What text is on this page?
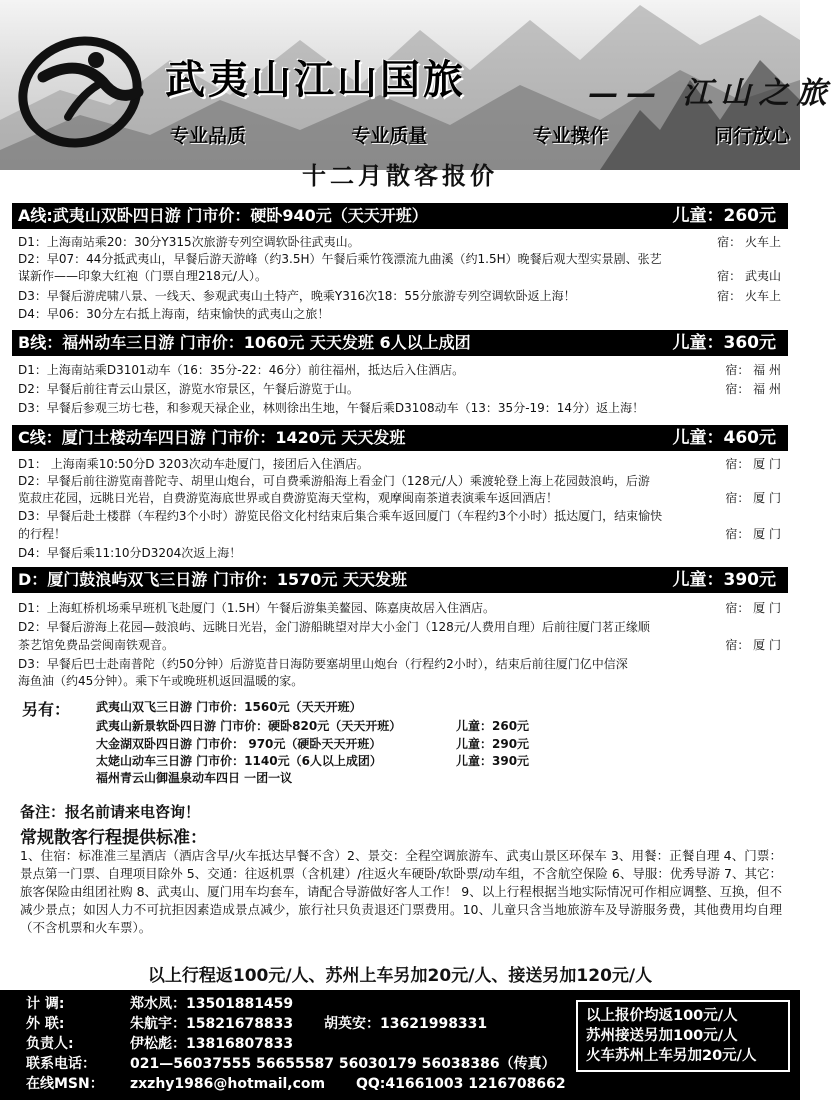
武夷山江山国旅	—— 江山之旅
专业品质	专业质量	专业操作	同行放心
十二月散客报价
A线:武夷山双卧四日游 门市价：硬卧940元（天天开班）	儿童：260元
D1：上海南站乘20：30分Y315次旅游专列空调软卧往武夷山。	宿： 火车上
D2：早07：44分抵武夷山，早餐后游天游峰（约3.5H）午餐后乘竹筏漂流九曲溪（约1.5H）晚餐后观大型实景剧、张艺
谋新作——印象大红袍（门票自理218元/人）。	宿： 武夷山
D3：早餐后游虎啸八景、一线天、参观武夷山土特产，晚乘Y316次18：55分旅游专列空调软卧返上海！	宿： 火车上
D4：早06：30分左右抵上海南，结束愉快的武夷山之旅！
B线：福州动车三日游 门市价：1060元 天天发班 6人以上成团	儿童：360元
D1：上海南站乘D3101动车（16：35分-22：46分）前往福州，抵达后入住酒店。	宿： 福 州
D2：早餐后前往青云山景区，游览水帘景区，午餐后游览于山。	宿： 福 州
D3：早餐后参观三坊七巷，和参观天禄企业，林则徐出生地，午餐后乘D3108动车（13：35分-19：14分）返上海！
C线：厦门土楼动车四日游 门市价：1420元 天天发班	儿童：460元
D1： 上海南乘10:50分D 3203次动车赴厦门，接团后入住酒店。	宿： 厦 门
D2：早餐后前往游览南普陀寺、胡里山炮台，可自费乘游船海上看金门（128元/人）乘渡轮登上海上花园鼓浪屿，后游
览菽庄花园，远眺日光岩，自费游览海底世界或自费游览海天堂构，观摩闽南茶道表演乘车返回酒店！	宿： 厦 门
D3：早餐后赴土楼群（车程约3个小时）游览民俗文化村结束后集合乘车返回厦门（车程约3个小时）抵达厦门，结束愉快
的行程！	宿： 厦 门
D4：早餐后乘11:10分D3204次返上海！
D：厦门鼓浪屿双飞三日游 门市价：1570元 天天发班	儿童：390元
D1：上海虹桥机场乘早班机飞赴厦门（1.5H）午餐后游集美鳌园、陈嘉庚故居入住酒店。	宿： 厦 门
D2：早餐后游海上花园—鼓浪屿、远眺日光岩，金门游船眺望对岸大小金门（128元/人费用自理）后前往厦门茗正缘顺
茶艺馆免费品尝闽南铁观音。	宿： 厦 门
D3：早餐后巴士赴南普陀（约50分钟）后游览昔日海防要塞胡里山炮台（行程约2小时），结束后前往厦门亿中信深
海鱼油（约45分钟）。乘下午或晚班机返回温暖的家。
另有： 武夷山双飞三日游 门市价：1560元（天天开班）
武夷山新景软卧四日游 门市价：硬卧820元（天天开班）	儿童：260元
大金湖双卧四日游 门市价： 970元（硬卧天天开班）	儿童：290元
太姥山动车三日游 门市价：1140元（6人以上成团）	儿童：390元
福州青云山御温泉动车四日 一团一议
备注：报名前请来电咨询！
常规散客行程提供标准：
1、住宿：标准准三星酒店（酒店含早/火车抵达早餐不含）2、景交：全程空调旅游车、武夷山景区环保车 3、用餐：正餐自理 4、门票：景点第一门票、自理项目除外 5、交通：往返机票（含机建）/往返火车硬卧/软卧票/动车组，不含航空保险 6、导服：优秀导游 7、其它：旅客保险由组团社购 8、武夷山、厦门用车均套车，请配合导游做好客人工作！ 9、以上行程根据当地实际情况可作相应调整、互换，但不减少景点；如因人力不可抗拒因素造成景点减少，旅行社只负责退还门票费用。10、儿童只含当地旅游车及导游服务费，其他费用均自理（不含机票和火车票）。
以上行程返100元/人、苏州上车另加20元/人、接送另加120元/人
计 调:	郑水凤：13501881459
外 联:	朱航宇：15821678833 胡英安：13621998331
负责人:	伊松彪：13816807833
联系电话： 021—56037555 56655587 56030179 56038386（传真）
在线MSN： zxzhy1986@hotmail,com QQ:41661003 1216708662
以上报价均返100元/人
苏州接送另加100元/人
火车苏州上车另加20元/人
